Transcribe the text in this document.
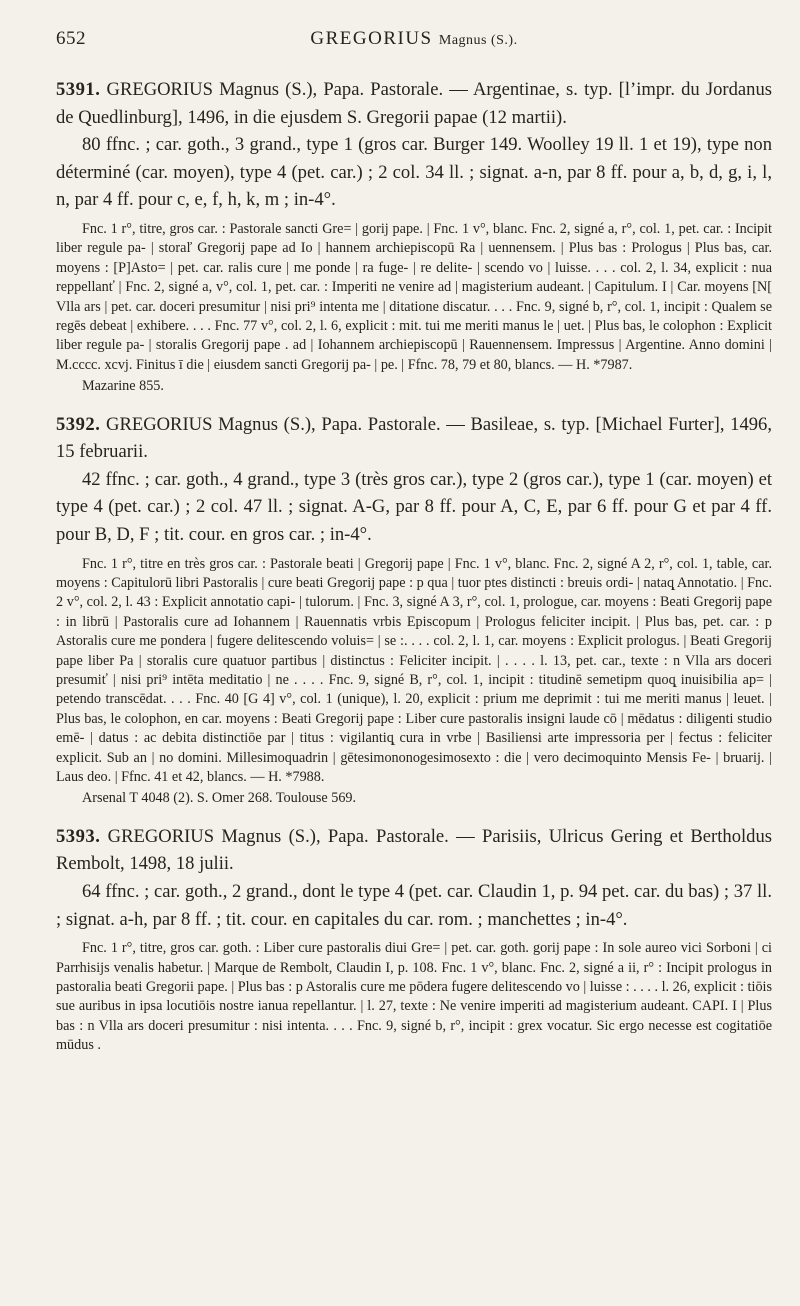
652	GREGORIUS Magnus (S.).

5391. GREGORIUS Magnus (S.), Papa. Pastorale. — Argentinae, s. typ. [l’impr. du Jordanus de Quedlinburg], 1496, in die ejusdem S. Gregorii papae (12 martii).

80 ffnc. ; car. goth., 3 grand., type 1 (gros car. Burger 149. Woolley 19 ll. 1 et 19), type non déterminé (car. moyen), type 4 (pet. car.) ; 2 col. 34 ll. ; signat. a-n, par 8 ff. pour a, b, d, g, i, l, n, par 4 ff. pour c, e, f, h, k, m ; in-4°.

Fnc. 1 r°, titre, gros car. : Pastorale sancti Gre= | gorij pape. | Fnc. 1 v°, blanc. Fnc. 2, signé a, r°, col. 1, pet. car. : Incipit liber regule pa- | storaľ Gregorij pape ad Io | hannem archiepiscopū Ra | uennensem. | Plus bas : Prologus | Plus bas, car. moyens : [P]Asto= | pet. car. ralis cure | me ponde | ra fuge- | re delite- | scendo vo | luisse. . . . col. 2, l. 34, explicit : nua reppellanť | Fnc. 2, signé a, v°, col. 1, pet. car. : Imperiti ne venire ad | magisterium audeant. | Capitulum. I | Car. moyens [N[ Vlla ars | pet. car. doceri presumitur | nisi pri⁹ intenta me | ditatione discatur. . . . Fnc. 9, signé b, r°, col. 1, incipit : Qualem se regēs debeat | exhibere. . . . Fnc. 77 v°, col. 2, l. 6, explicit : mit. tui me meriti manus le | uet. | Plus bas, le colophon : Explicit liber regule pa- | storalis Gregorij pape . ad | Iohannem archiepiscopū | Rauennensem. Impressus | Argentine. Anno domini | M.cccc. xcvj. Finitus ī die | eiusdem sancti Gregorij pa- | pe. | Ffnc. 78, 79 et 80, blancs. — H. *7987.

Mazarine 855.

5392. GREGORIUS Magnus (S.), Papa. Pastorale. — Basileae, s. typ. [Michael Furter], 1496, 15 februarii.

42 ffnc. ; car. goth., 4 grand., type 3 (très gros car.), type 2 (gros car.), type 1 (car. moyen) et type 4 (pet. car.) ; 2 col. 47 ll. ; signat. A-G, par 8 ff. pour A, C, E, par 6 ff. pour G et par 4 ff. pour B, D, F ; tit. cour. en gros car. ; in-4°.

Fnc. 1 r°, titre en très gros car. : Pastorale beati | Gregorij pape | Fnc. 1 v°, blanc. Fnc. 2, signé A 2, r°, col. 1, table, car. moyens : Capitulorū libri Pastoralis | cure beati Gregorij pape : p qua | tuor ptes distincti : breuis ordi- | nataq̨ Annotatio. | Fnc. 2 v°, col. 2, l. 43 : Explicit annotatio capi- | tulorum. | Fnc. 3, signé A 3, r°, col. 1, prologue, car. moyens : Beati Gregorij pape : in librū | Pastoralis cure ad Iohannem | Rauennatis vrbis Episcopum | Prologus feliciter incipit. | Plus bas, pet. car. : p Astoralis cure me pondera | fugere delitescendo voluis= | se :. . . . col. 2, l. 1, car. moyens : Explicit prologus. | Beati Gregorij pape liber Pa | storalis cure quatuor partibus | distinctus : Feliciter incipit. | . . . . l. 13, pet. car., texte : n Vlla ars doceri presumiť | nisi pri⁹ intēta meditatio | ne . . . . Fnc. 9, signé B, r°, col. 1, incipit : titudinē semetipm quoq̨ inuisibilia ap= | petendo transcēdat. . . . Fnc. 40 [G 4] v°, col. 1 (unique), l. 20, explicit : prium me deprimit : tui me meriti manus | leuet. | Plus bas, le colophon, en car. moyens : Beati Gregorij pape : Liber cure pastoralis insigni laude cō | mēdatus : diligenti studio emē- | datus : ac debita distinctiōe par | titus : vigilantiq̨ cura in vrbe | Basiliensi arte impressoria per | fectus : feliciter explicit. Sub an | no domini. Millesimoquadrin | gētesimononogesimosexto : die | vero decimoquinto Mensis Fe- | bruarij. | Laus deo. | Ffnc. 41 et 42, blancs. — H. *7988.

Arsenal T 4048 (2). S. Omer 268. Toulouse 569.

5393. GREGORIUS Magnus (S.), Papa. Pastorale. — Parisiis, Ulricus Gering et Bertholdus Rembolt, 1498, 18 julii.

64 ffnc. ; car. goth., 2 grand., dont le type 4 (pet. car. Claudin 1, p. 94 pet. car. du bas) ; 37 ll. ; signat. a-h, par 8 ff. ; tit. cour. en capitales du car. rom. ; manchettes ; in-4°.

Fnc. 1 r°, titre, gros car. goth. : Liber cure pastoralis diui Gre= | pet. car. goth. gorij pape : In sole aureo vici Sorboni | ci Parrhisijs venalis habetur. | Marque de Rembolt, Claudin I, p. 108. Fnc. 1 v°, blanc. Fnc. 2, signé a ii, r° : Incipit prologus in pastoralia beati Gregorii pape. | Plus bas : p Astoralis cure me pōdera fugere delitescendo vo | luisse : . . . . l. 26, explicit : tiōis sue auribus in ipsa locutiōis nostre ianua repellantur. | l. 27, texte : Ne venire imperiti ad magisterium audeant. CAPI. I | Plus bas : n Vlla ars doceri presumitur : nisi intenta. . . . Fnc. 9, signé b, r°, incipit : grex vocatur. Sic ergo necesse est cogitatiōe mūdus .
